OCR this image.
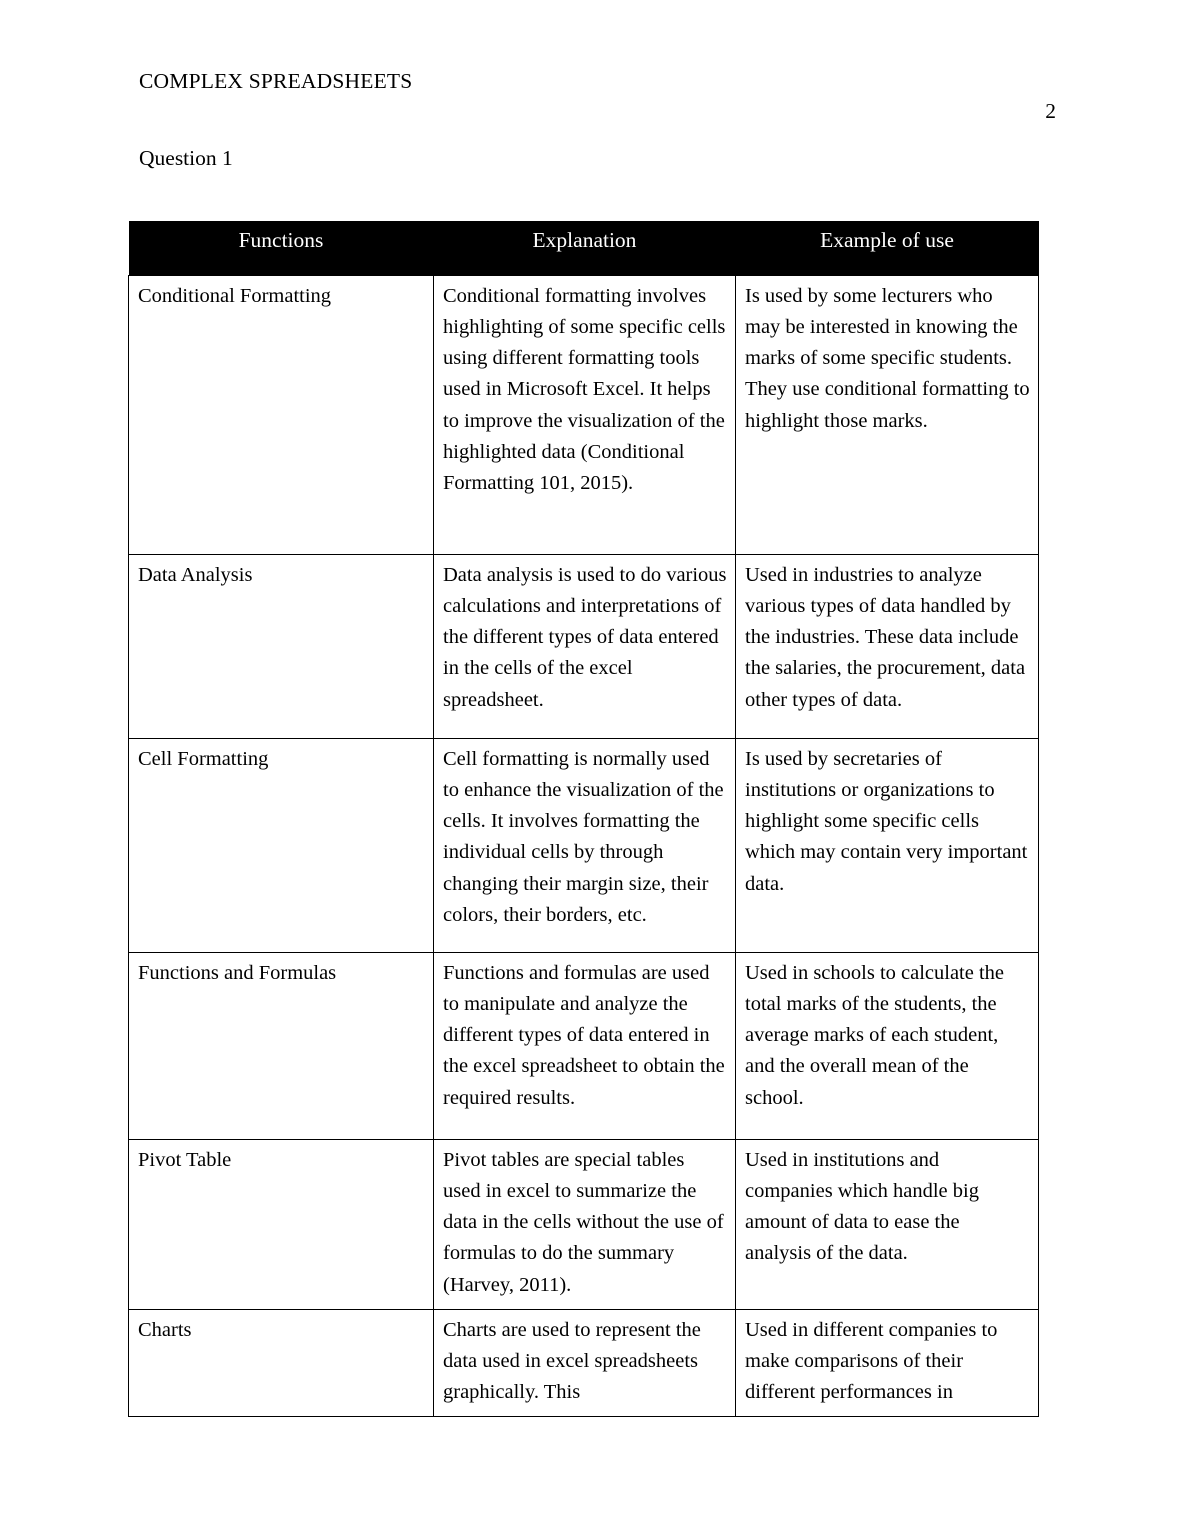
COMPLEX SPREADSHEETS
2
Question 1
Functions	Explanation	Example of use
Conditional Formatting	Conditional formatting involves highlighting of some specific cells using different formatting tools used in Microsoft Excel. It helps to improve the visualization of the highlighted data (Conditional Formatting 101, 2015).	Is used by some lecturers who may be interested in knowing the marks of some specific students. They use conditional formatting to highlight those marks.
Data Analysis	Data analysis is used to do various calculations and interpretations of the different types of data entered in the cells of the excel spreadsheet.	Used in industries to analyze various types of data handled by the industries. These data include the salaries, the procurement, data other types of data.
Cell Formatting	Cell formatting is normally used to enhance the visualization of the cells. It involves formatting the individual cells by through changing their margin size, their colors, their borders, etc.	Is used by secretaries of institutions or organizations to highlight some specific cells which may contain very important data.
Functions and Formulas	Functions and formulas are used to manipulate and analyze the different types of data entered in the excel spreadsheet to obtain the required results.	Used in schools to calculate the total marks of the students, the average marks of each student, and the overall mean of the school.
Pivot Table	Pivot tables are special tables used in excel to summarize the data in the cells without the use of formulas to do the summary (Harvey, 2011).	Used in institutions and companies which handle big amount of data to ease the analysis of the data.
Charts	Charts are used to represent the data used in excel spreadsheets graphically. This	Used in different companies to make comparisons of their different performances in
